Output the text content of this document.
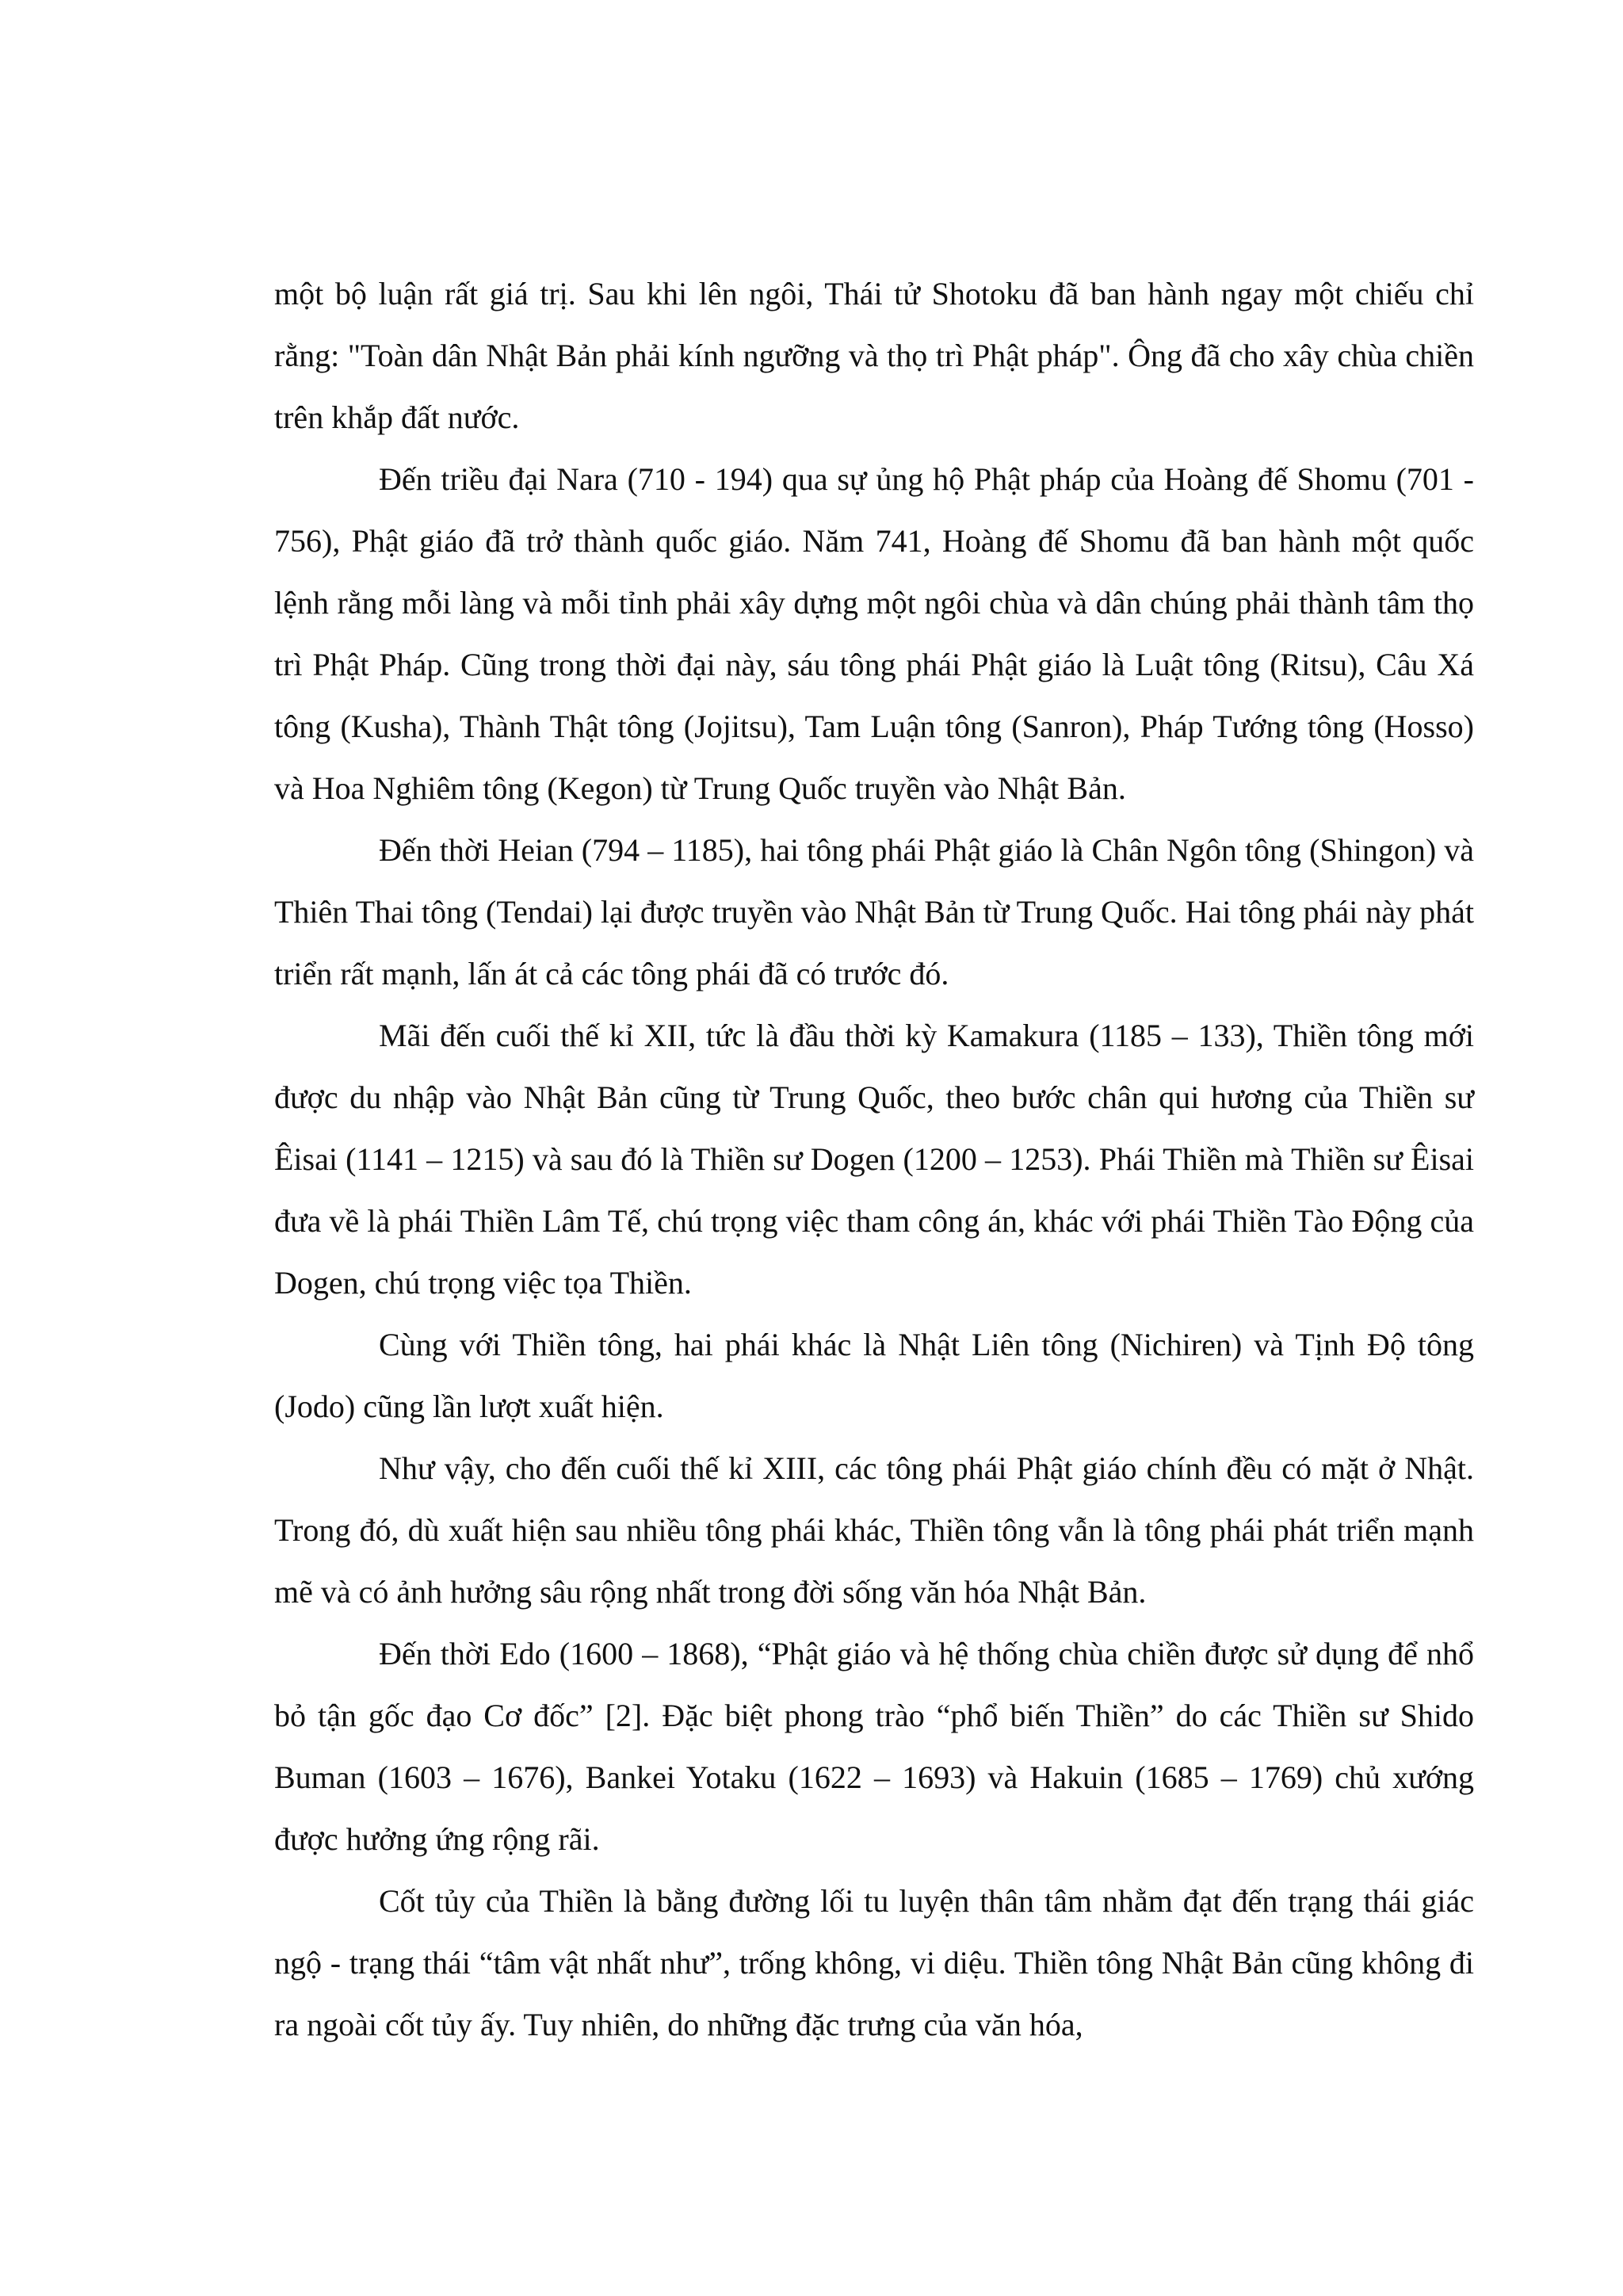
một bộ luận rất giá trị. Sau khi lên ngôi, Thái tử Shotoku đã ban hành ngay một chiếu chỉ rằng: "Toàn dân Nhật Bản phải kính ngưỡng và thọ trì Phật pháp". Ông đã cho xây chùa chiền trên khắp đất nước.

Đến triều đại Nara (710 - 194) qua sự ủng hộ Phật pháp của Hoàng đế Shomu (701 - 756), Phật giáo đã trở thành quốc giáo. Năm 741, Hoàng đế Shomu đã ban hành một quốc lệnh rằng mỗi làng và mỗi tỉnh phải xây dựng một ngôi chùa và dân chúng phải thành tâm thọ trì Phật Pháp. Cũng trong thời đại này, sáu tông phái Phật giáo là Luật tông (Ritsu), Câu Xá tông (Kusha), Thành Thật tông (Jojitsu), Tam Luận tông (Sanron), Pháp Tướng tông (Hosso) và Hoa Nghiêm tông (Kegon) từ Trung Quốc truyền vào Nhật Bản.

Đến thời Heian (794 – 1185), hai tông phái Phật giáo là Chân Ngôn tông (Shingon) và Thiên Thai tông (Tendai) lại được truyền vào Nhật Bản từ Trung Quốc. Hai tông phái này phát triển rất mạnh, lấn át cả các tông phái đã có trước đó.

Mãi đến cuối thế kỉ XII, tức là đầu thời kỳ Kamakura (1185 – 133), Thiền tông mới được du nhập vào Nhật Bản cũng từ Trung Quốc, theo bước chân qui hương của Thiền sư Êisai (1141 – 1215) và sau đó là Thiền sư Dogen (1200 – 1253). Phái Thiền mà Thiền sư Êisai đưa về là phái Thiền Lâm Tế, chú trọng việc tham công án, khác với phái Thiền Tào Động của Dogen, chú trọng việc tọa Thiền.

Cùng với Thiền tông, hai phái khác là Nhật Liên tông (Nichiren) và Tịnh Độ tông (Jodo) cũng lần lượt xuất hiện.

Như vậy, cho đến cuối thế kỉ XIII, các tông phái Phật giáo chính đều có mặt ở Nhật. Trong đó, dù xuất hiện sau nhiều tông phái khác, Thiền tông vẫn là tông phái phát triển mạnh mẽ và có ảnh hưởng sâu rộng nhất trong đời sống văn hóa Nhật Bản.

Đến thời Edo (1600 – 1868), “Phật giáo và hệ thống chùa chiền được sử dụng để nhổ bỏ tận gốc đạo Cơ đốc” [2]. Đặc biệt phong trào “phổ biến Thiền” do các Thiền sư Shido Buman (1603 – 1676), Bankei Yotaku (1622 – 1693) và Hakuin (1685 – 1769) chủ xướng được hưởng ứng rộng rãi.

Cốt tủy của Thiền là bằng đường lối tu luyện thân tâm nhằm đạt đến trạng thái giác ngộ - trạng thái “tâm vật nhất như”, trống không, vi diệu. Thiền tông Nhật Bản cũng không đi ra ngoài cốt tủy ấy. Tuy nhiên, do những đặc trưng của văn hóa,
